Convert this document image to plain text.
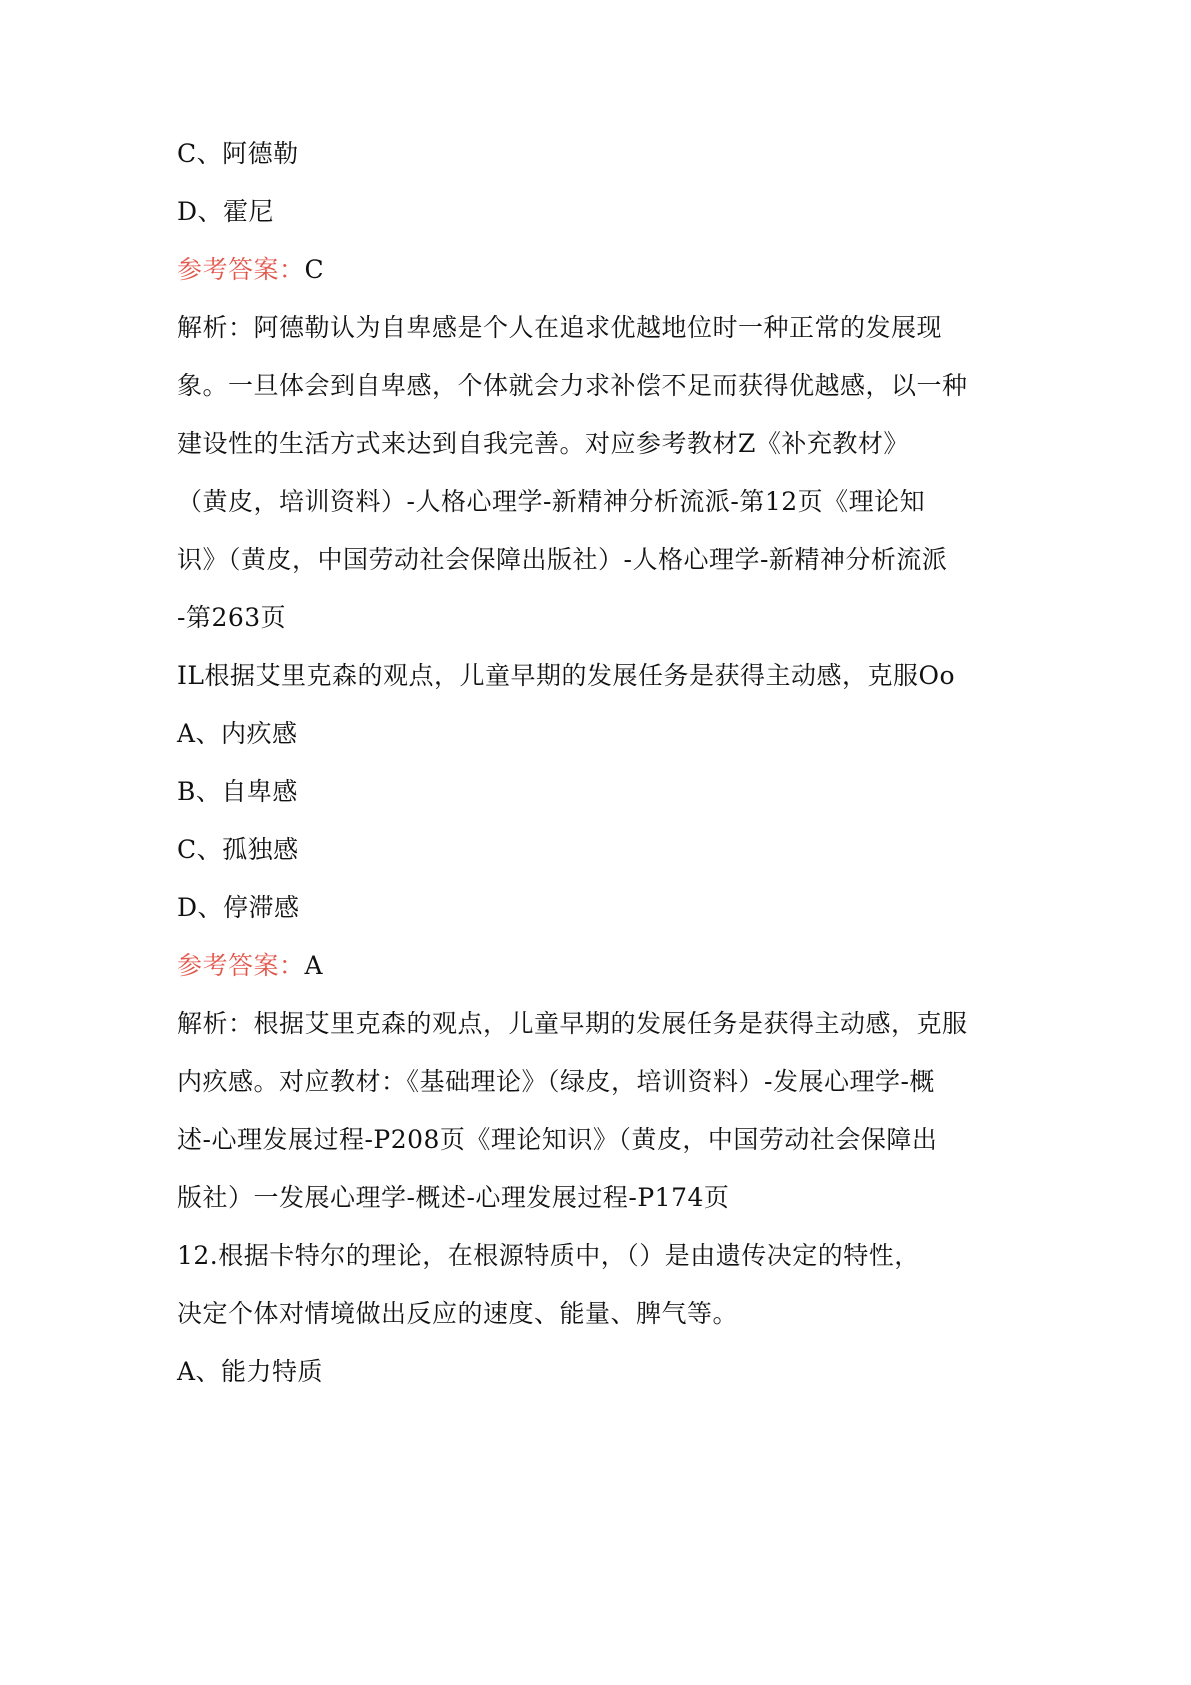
C、阿德勒
D、霍尼
参考答案：C
解析：阿德勒认为自卑感是个人在追求优越地位时一种正常的发展现
象。一旦体会到自卑感，个体就会力求补偿不足而获得优越感，以一种
建设性的生活方式来达到自我完善。对应参考教材Z《补充教材》
（黄皮，培训资料）-人格心理学-新精神分析流派-第12页《理论知
识》（黄皮，中国劳动社会保障出版社）-人格心理学-新精神分析流派
-第263页
IL根据艾里克森的观点，儿童早期的发展任务是获得主动感，克服Oo
A、内疚感
B、自卑感
C、孤独感
D、停滞感
参考答案：A
解析：根据艾里克森的观点，儿童早期的发展任务是获得主动感，克服
内疚感。对应教材：《基础理论》（绿皮，培训资料）-发展心理学-概
述-心理发展过程-P208页《理论知识》（黄皮，中国劳动社会保障出
版社）一发展心理学-概述-心理发展过程-P174页
12.根据卡特尔的理论，在根源特质中，（）是由遗传决定的特性，
决定个体对情境做出反应的速度、能量、脾气等。
A、能力特质
